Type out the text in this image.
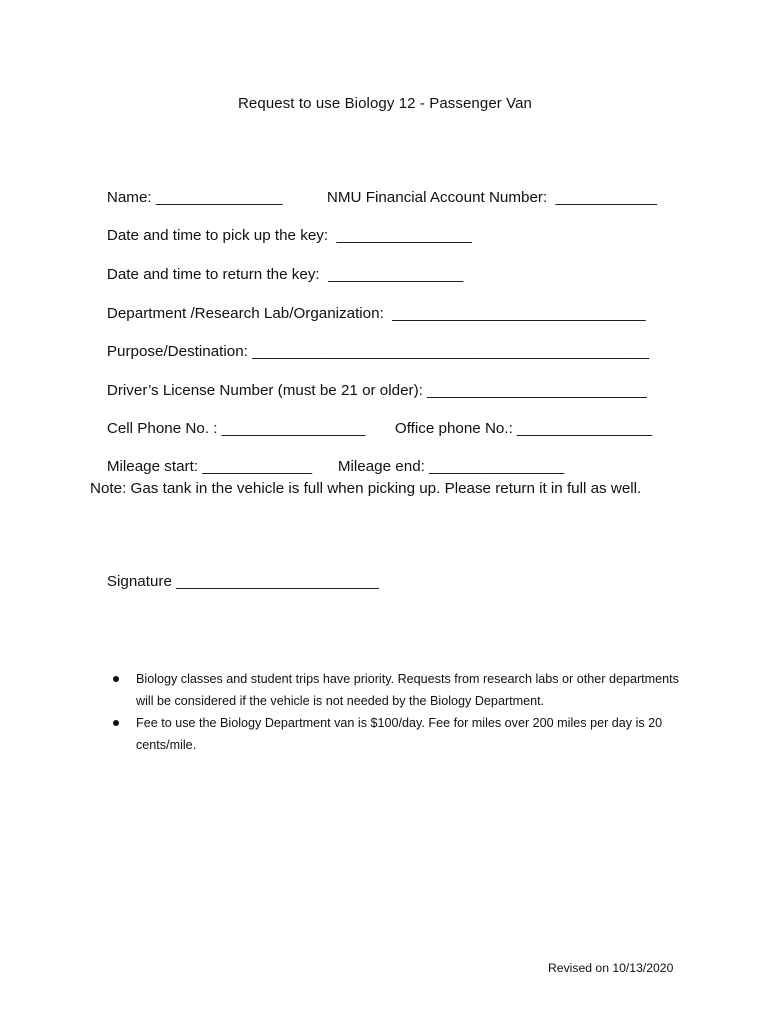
Request to use Biology 12 - Passenger Van

Name: _______________
	NMU Financial Account Number:  ____________

Date and time to pick up the key:  ________________

Date and time to return the key:  ________________

Department /Research Lab/Organization:  ______________________________

Purpose/Destination: _______________________________________________

Driver’s License Number (must be 21 or older): __________________________

Cell Phone No. : _________________
	Office phone No.: ________________

Mileage start: _____________
	Mileage end: ________________

Note: Gas tank in the vehicle is full when picking up. Please return it in full as well.

Signature ________________________

Biology classes and student trips have priority. Requests from research labs or other departments will be considered if the vehicle is not needed by the Biology Department.
Fee to use the Biology Department van is $100/day. Fee for miles over 200 miles per day is 20 cents/mile.
Revised on 10/13/2020
